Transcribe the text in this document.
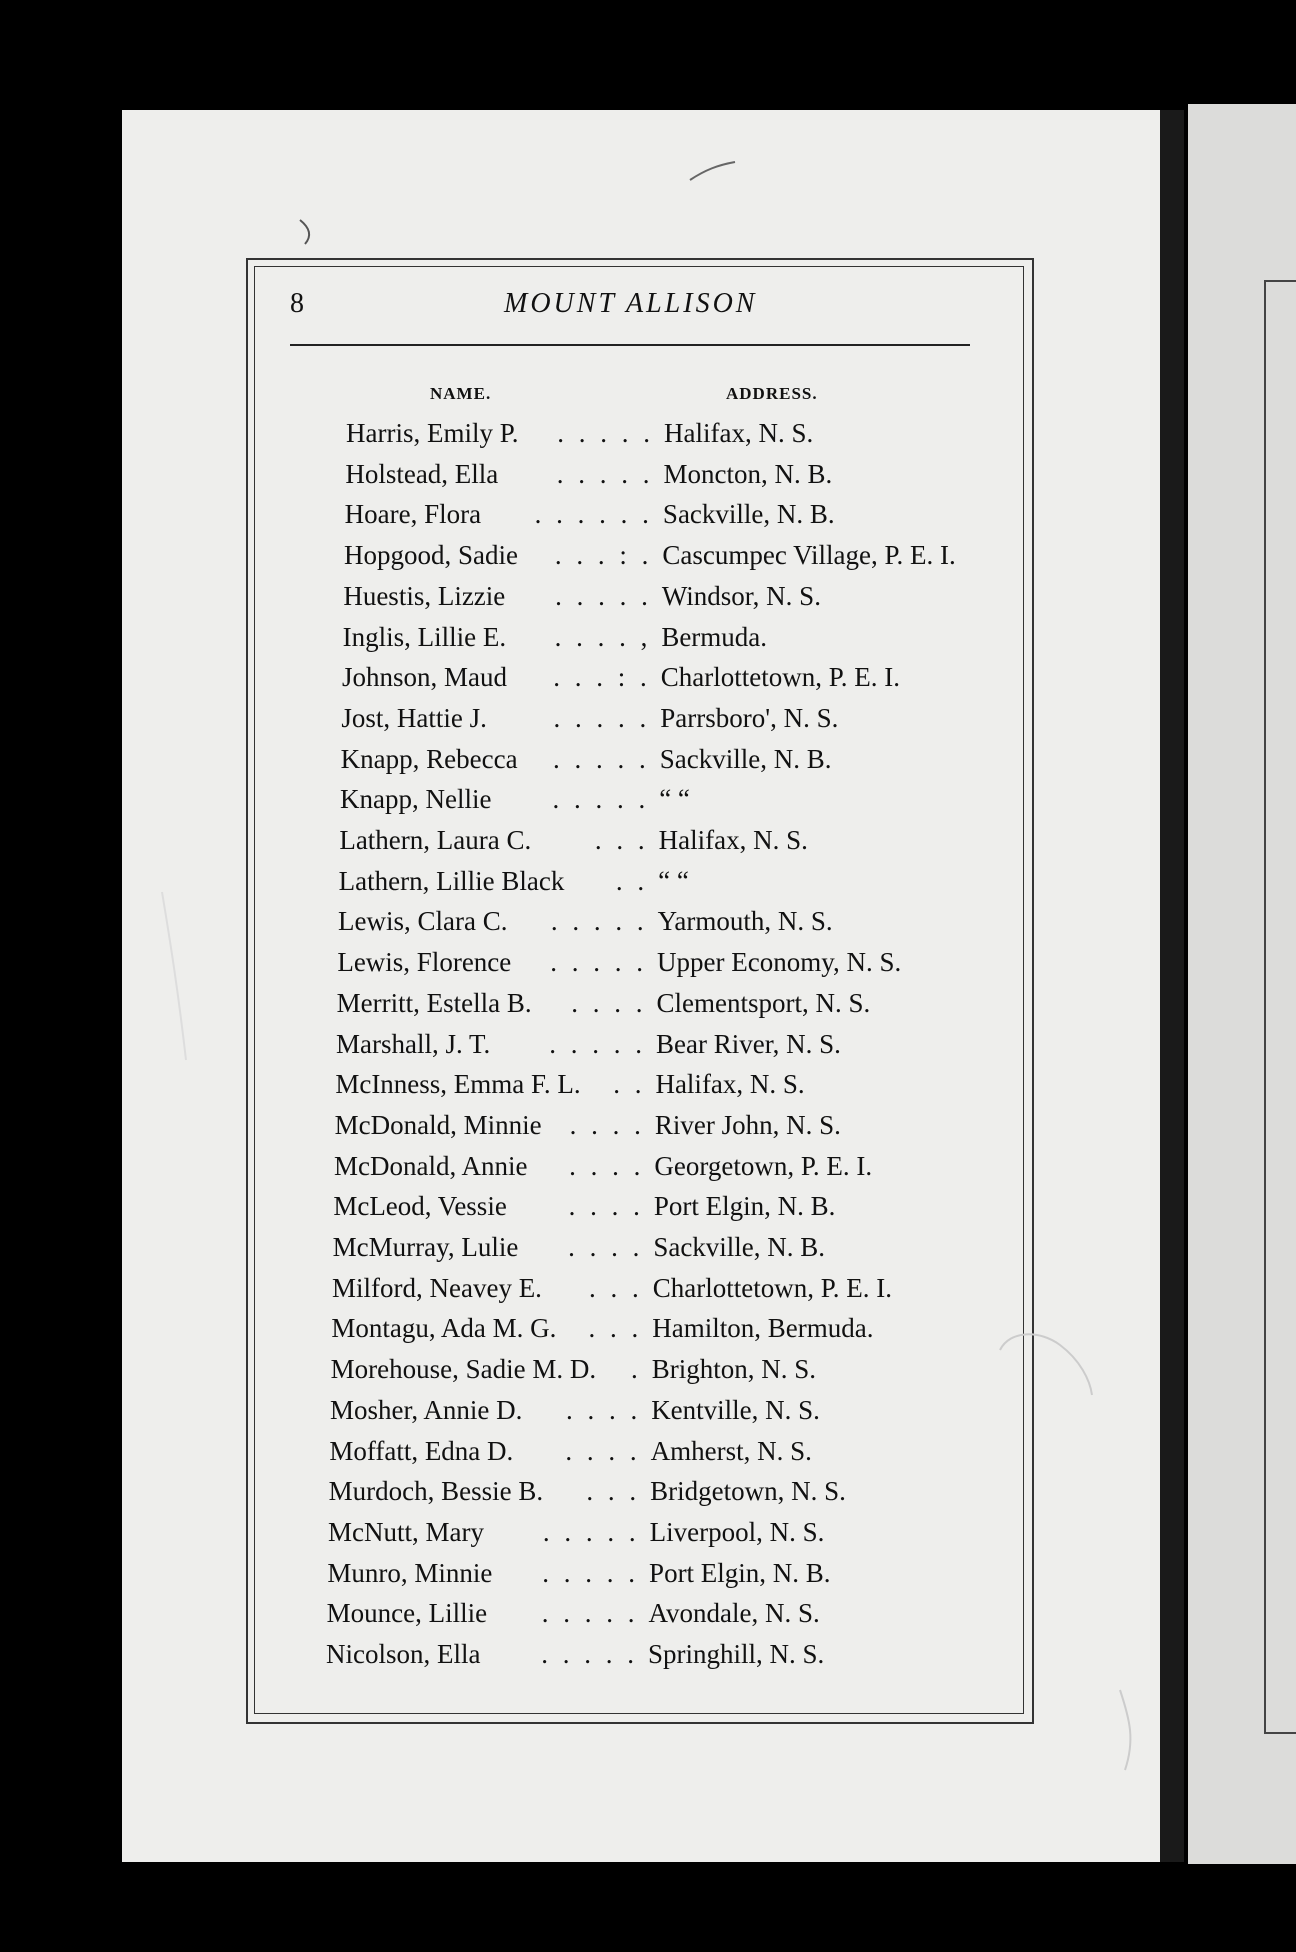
8	MOUNT ALLISON
NAME.	ADDRESS.
Harris, Emily P. . . . . . Halifax, N. S.
Holstead, Ella . . . . . Moncton, N. B.
Hoare, Flora . . . . . . Sackville, N. B.
Hopgood, Sadie . . . : . Cascumpec Village, P. E. I.
Huestis, Lizzie . . . . . Windsor, N. S.
Inglis, Lillie E. . . . . , Bermuda.
Johnson, Maud . . . : . Charlottetown, P. E. I.
Jost, Hattie J. . . . . . Parrsboro', N. S.
Knapp, Rebecca . . . . . Sackville, N. B.
Knapp, Nellie . . . . . “ “
Lathern, Laura C. . . . Halifax, N. S.
Lathern, Lillie Black . . “ “
Lewis, Clara C. . . . . . Yarmouth, N. S.
Lewis, Florence . . . . . Upper Economy, N. S.
Merritt, Estella B. . . . . Clementsport, N. S.
Marshall, J. T. . . . . . Bear River, N. S.
McInness, Emma F. L. . . Halifax, N. S.
McDonald, Minnie . . . . River John, N. S.
McDonald, Annie . . . . Georgetown, P. E. I.
McLeod, Vessie . . . . Port Elgin, N. B.
McMurray, Lulie . . . . Sackville, N. B.
Milford, Neavey E. . . . Charlottetown, P. E. I.
Montagu, Ada M. G. . . . Hamilton, Bermuda.
Morehouse, Sadie M. D. . Brighton, N. S.
Mosher, Annie D. . . . . Kentville, N. S.
Moffatt, Edna D. . . . . Amherst, N. S.
Murdoch, Bessie B. . . . Bridgetown, N. S.
McNutt, Mary . . . . . Liverpool, N. S.
Munro, Minnie . . . . . Port Elgin, N. B.
Mounce, Lillie . . . . . Avondale, N. S.
Nicolson, Ella . . . . . Springhill, N. S.
